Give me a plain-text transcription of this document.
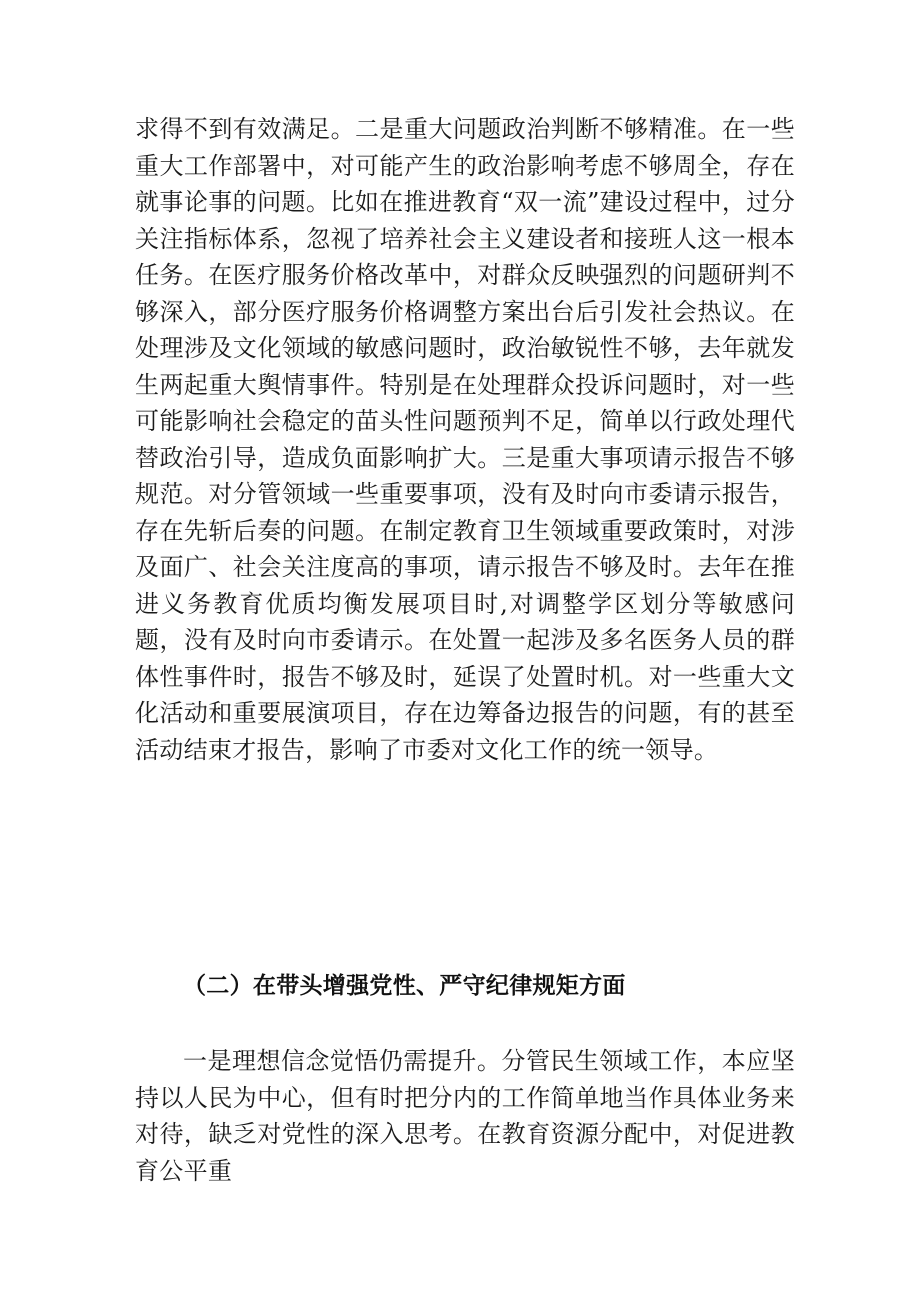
求得不到有效满足。二是重大问题政治判断不够精准。在一些重大工作部署中，对可能产生的政治影响考虑不够周全，存在就事论事的问题。比如在推进教育“双一流”建设过程中，过分关注指标体系，忽视了培养社会主义建设者和接班人这一根本任务。在医疗服务价格改革中，对群众反映强烈的问题研判不够深入，部分医疗服务价格调整方案出台后引发社会热议。在处理涉及文化领域的敏感问题时，政治敏锐性不够，去年就发生两起重大舆情事件。特别是在处理群众投诉问题时，对一些可能影响社会稳定的苗头性问题预判不足，简单以行政处理代替政治引导，造成负面影响扩大。三是重大事项请示报告不够规范。对分管领域一些重要事项，没有及时向市委请示报告，存在先斩后奏的问题。在制定教育卫生领域重要政策时，对涉及面广、社会关注度高的事项，请示报告不够及时。去年在推进义务教育优质均衡发展项目时,对调整学区划分等敏感问题，没有及时向市委请示。在处置一起涉及多名医务人员的群体性事件时，报告不够及时，延误了处置时机。对一些重大文化活动和重要展演项目，存在边筹备边报告的问题，有的甚至活动结束才报告，影响了市委对文化工作的统一领导。

（二）在带头增强党性、严守纪律规矩方面

一是理想信念觉悟仍需提升。分管民生领域工作，本应坚持以人民为中心，但有时把分内的工作简单地当作具体业务来对待，缺乏对党性的深入思考。在教育资源分配中，对促进教育公平重
